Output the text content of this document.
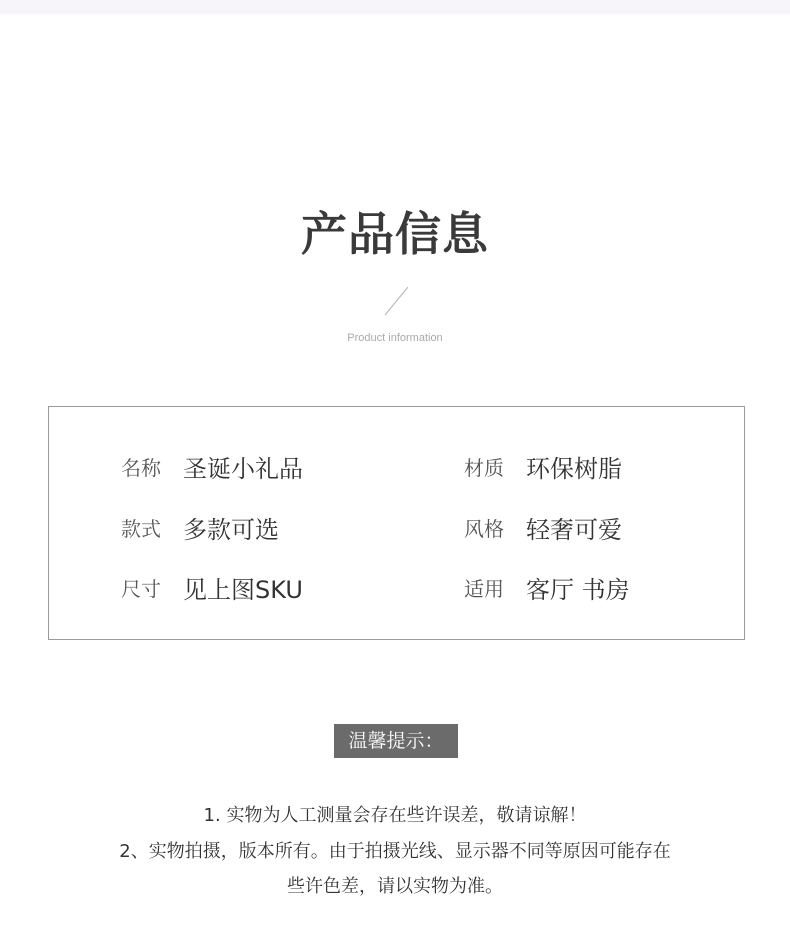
产品信息
Product information
名称 圣诞小礼品	材质 环保树脂
款式 多款可选	风格 轻奢可爱
尺寸 见上图SKU	适用 客厅 书房
温馨提示：
1. 实物为人工测量会存在些许误差，敬请谅解！
2、实物拍摄，版本所有。由于拍摄光线、显示器不同等原因可能存在
些许色差，请以实物为准。
